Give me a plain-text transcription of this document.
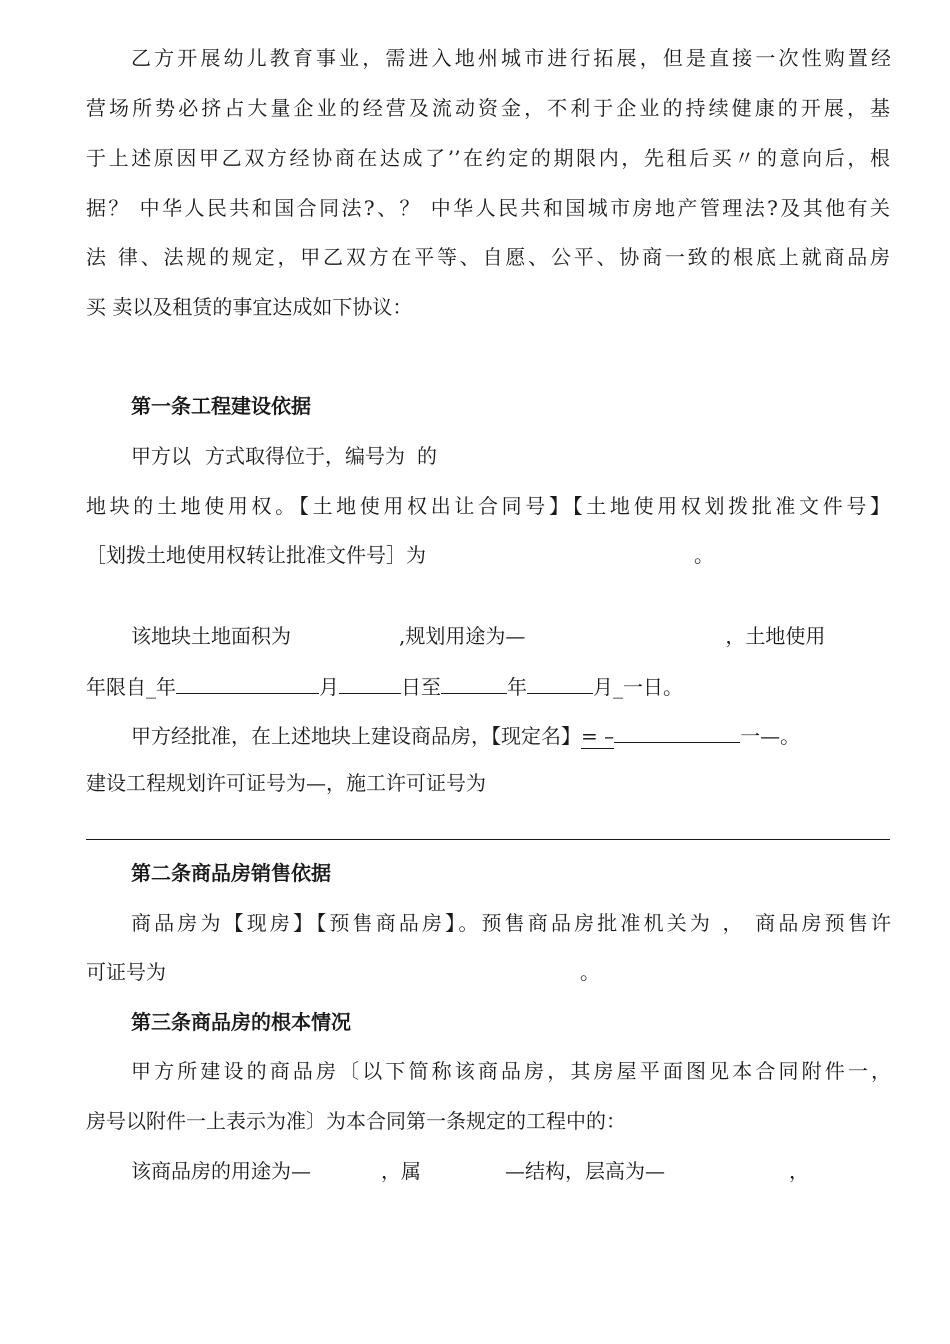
乙方开展幼儿教育事业，需进入地州城市进行拓展，但是直接一次性购置经
营场所势必挤占大量企业的经营及流动资金，不利于企业的持续健康的开展，基
于上述原因甲乙双方经协商在达成了’’在约定的期限内，先租后买〃的意向后，根
据？ 中华人民共和国合同法?、？ 中华人民共和国城市房地产管理法?及其他有关
法 律、法规的规定，甲乙双方在平等、自愿、公平、协商一致的根底上就商品房
买 卖以及租赁的事宜达成如下协议：
第一条工程建设依据
甲方以 方式取得位于，编号为 的
地块的土地使用权。【土地使用权出让合同号】【土地使用权划拨批准文件号】
［划拨土地使用权转让批准文件号］为	。
该地块土地面积为	,规划用途为—	，土地使用
年限自_年	月	日至	年	月_一日。
甲方经批准，在上述地块上建设商品房，【现定名】= –	一—。
建设工程规划许可证号为—，施工许可证号为
第二条商品房销售依据
商品房为【现房】【预售商品房】。预售商品房批准机关为 ， 商品房预售许
可证号为	。
第三条商品房的根本情况
甲方所建设的商品房〔以下简称该商品房，其房屋平面图见本合同附件一，
房号以附件一上表示为准〕为本合同第一条规定的工程中的：
该商品房的用途为—	，属	—结构，层高为—	，
